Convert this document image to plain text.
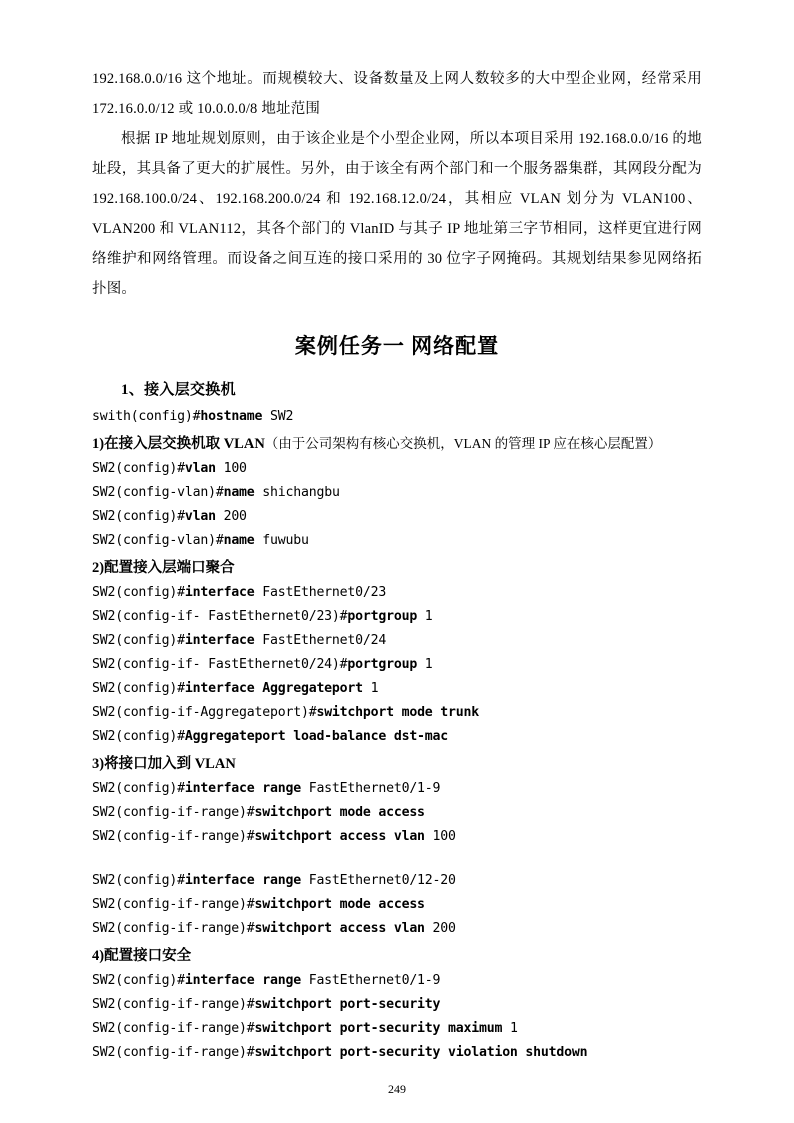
192.168.0.0/16 这个地址。而规模较大、设备数量及上网人数较多的大中型企业网，经常采用 172.16.0.0/12 或 10.0.0.0/8 地址范围

根据 IP 地址规划原则，由于该企业是个小型企业网，所以本项目采用 192.168.0.0/16 的地址段，其具备了更大的扩展性。另外，由于该全有两个部门和一个服务器集群，其网段分配为 192.168.100.0/24、192.168.200.0/24 和 192.168.12.0/24，其相应 VLAN 划分为 VLAN100、VLAN200 和 VLAN112，其各个部门的 VlanID 与其子 IP 地址第三字节相同，这样更宜进行网络维护和网络管理。而设备之间互连的接口采用的 30 位字子网掩码。其规划结果参见网络拓扑图。

案例任务一 网络配置
1、接入层交换机
swith(config)#hostname SW2
1)在接入层交换机取 VLAN（由于公司架构有核心交换机，VLAN 的管理 IP 应在核心层配置）
SW2(config)#vlan 100
SW2(config-vlan)#name shichangbu
SW2(config)#vlan 200
SW2(config-vlan)#name fuwubu
2)配置接入层端口聚合
SW2(config)#interface FastEthernet0/23
SW2(config-if- FastEthernet0/23)#portgroup 1
SW2(config)#interface FastEthernet0/24
SW2(config-if- FastEthernet0/24)#portgroup 1
SW2(config)#interface Aggregateport 1
SW2(config-if-Aggregateport)#switchport mode trunk
SW2(config)#Aggregateport load-balance dst-mac
3)将接口加入到 VLAN
SW2(config)#interface range FastEthernet0/1-9
SW2(config-if-range)#switchport mode access
SW2(config-if-range)#switchport access vlan 100
SW2(config)#interface range FastEthernet0/12-20
SW2(config-if-range)#switchport mode access
SW2(config-if-range)#switchport access vlan 200
4)配置接口安全
SW2(config)#interface range FastEthernet0/1-9
SW2(config-if-range)#switchport port-security
SW2(config-if-range)#switchport port-security maximum 1
SW2(config-if-range)#switchport port-security violation shutdown
249
